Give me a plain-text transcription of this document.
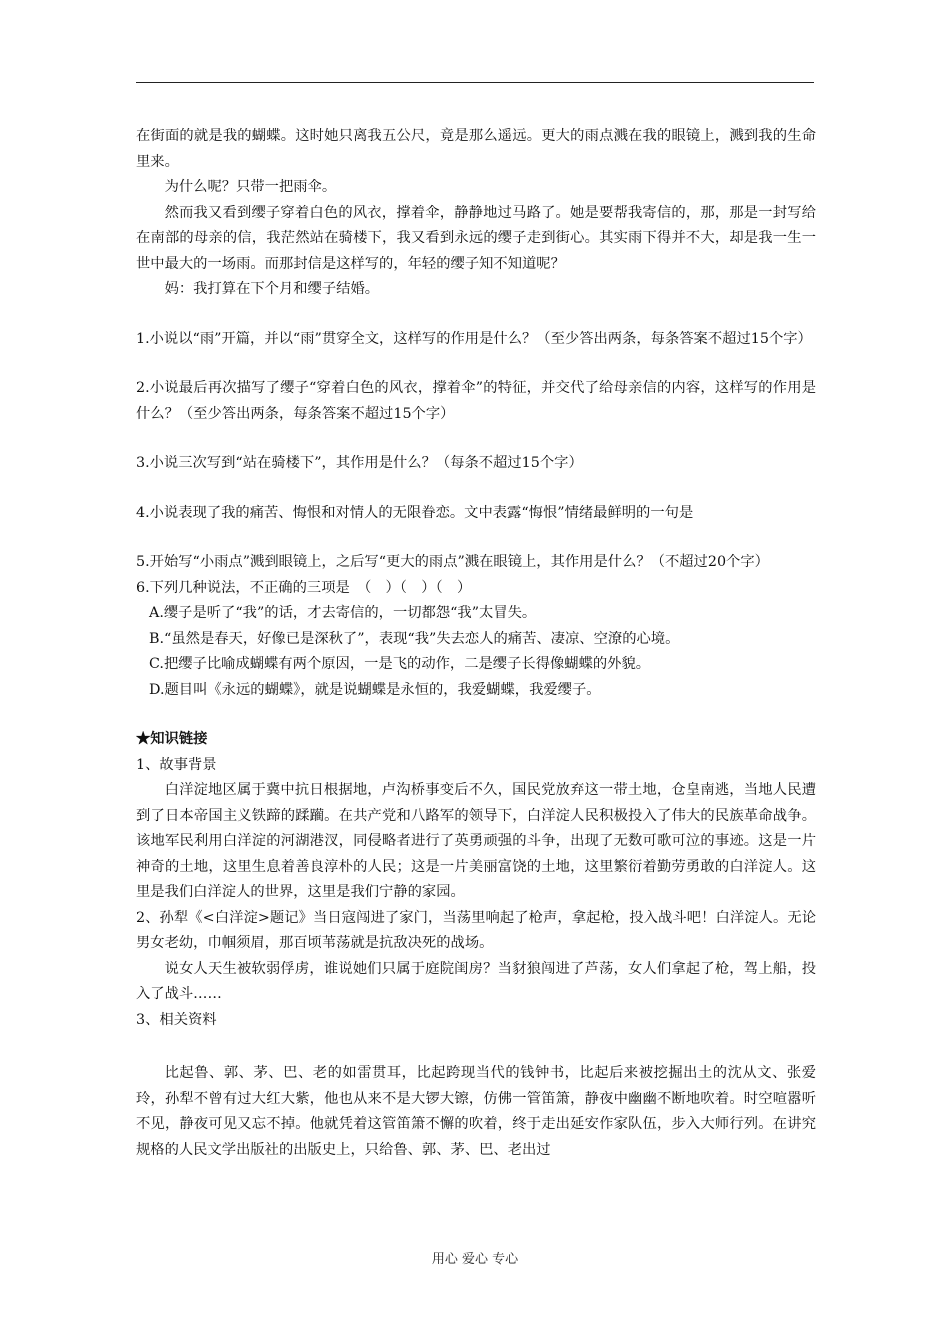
在街面的就是我的蝴蝶。这时她只离我五公尺，竟是那么遥远。更大的雨点溅在我的眼镜上，溅到我的生命里来。

为什么呢？只带一把雨伞。

然而我又看到缨子穿着白色的风衣，撑着伞，静静地过马路了。她是要帮我寄信的，那，那是一封写给在南部的母亲的信，我茫然站在骑楼下，我又看到永远的缨子走到街心。其实雨下得并不大，却是我一生一世中最大的一场雨。而那封信是这样写的，年轻的缨子知不知道呢？

妈：我打算在下个月和缨子结婚。

1.小说以“雨”开篇，并以“雨”贯穿全文，这样写的作用是什么？（至少答出两条，每条答案不超过15个字）

2.小说最后再次描写了缨子“穿着白色的风衣，撑着伞”的特征，并交代了给母亲信的内容，这样写的作用是什么？（至少答出两条，每条答案不超过15个字）

3.小说三次写到“站在骑楼下”，其作用是什么？（每条不超过15个字）

4.小说表现了我的痛苦、悔恨和对情人的无限眷恋。文中表露“悔恨”情绪最鲜明的一句是

5.开始写“小雨点”溅到眼镜上，之后写“更大的雨点”溅在眼镜上，其作用是什么？（不超过20个字）

6.下列几种说法，不正确的三项是　（　）（　）（　）

A.缨子是听了“我”的话，才去寄信的，一切都怨“我”太冒失。

B.“虽然是春天，好像已是深秋了”，表现“我”失去恋人的痛苦、凄凉、空潦的心境。

C.把缨子比喻成蝴蝶有两个原因，一是飞的动作，二是缨子长得像蝴蝶的外貌。

D.题目叫《永远的蝴蝶》，就是说蝴蝶是永恒的，我爱蝴蝶，我爱缨子。

★知识链接

1、故事背景

白洋淀地区属于冀中抗日根据地，卢沟桥事变后不久，国民党放弃这一带土地，仓皇南逃，当地人民遭到了日本帝国主义铁蹄的蹂躏。在共产党和八路军的领导下，白洋淀人民积极投入了伟大的民族革命战争。该地军民利用白洋淀的河湖港汊，同侵略者进行了英勇顽强的斗争，出现了无数可歌可泣的事迹。这是一片神奇的土地，这里生息着善良淳朴的人民；这是一片美丽富饶的土地，这里繁衍着勤劳勇敢的白洋淀人。这里是我们白洋淀人的世界，这里是我们宁静的家园。

2、孙犁《<白洋淀>题记》当日寇闯进了家门，当荡里响起了枪声，拿起枪，投入战斗吧！白洋淀人。无论男女老幼，巾帼须眉，那百顷苇荡就是抗敌决死的战场。

说女人天生被软弱俘虏，谁说她们只属于庭院闺房？当豺狼闯进了芦荡，女人们拿起了枪，驾上船，投入了战斗……

3、相关资料

比起鲁、郭、茅、巴、老的如雷贯耳，比起跨现当代的钱钟书，比起后来被挖掘出土的沈从文、张爱玲，孙犁不曾有过大红大紫，他也从来不是大锣大镲，仿佛一管笛箫，静夜中幽幽不断地吹着。时空喧嚣听不见，静夜可见又忘不掉。他就凭着这管笛箫不懈的吹着，终于走出延安作家队伍，步入大师行列。在讲究规格的人民文学出版社的出版史上，只给鲁、郭、茅、巴、老出过

用心 爱心 专心
